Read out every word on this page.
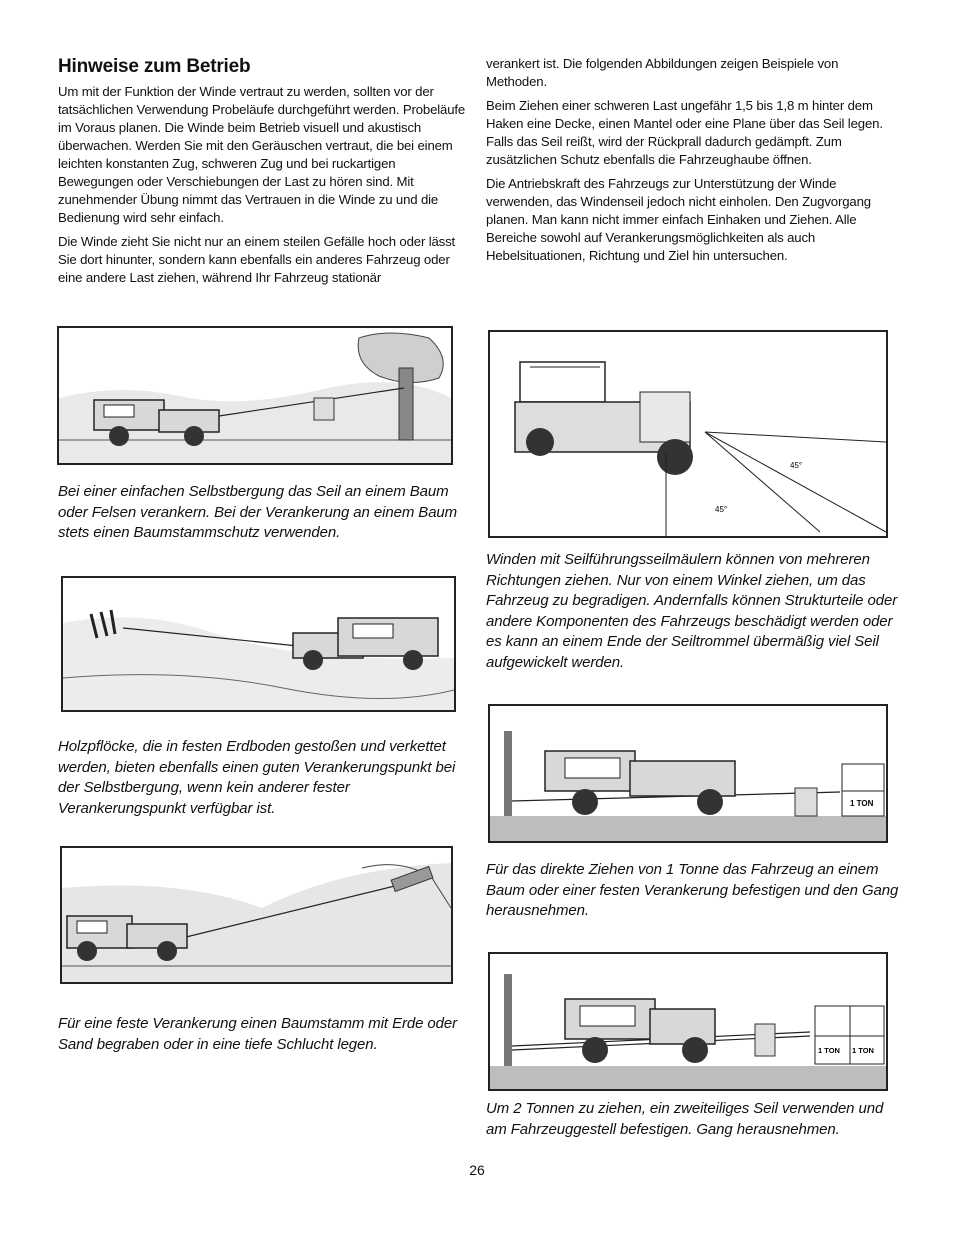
Hinweise zum Betrieb

Um mit der Funktion der Winde vertraut zu werden, sollten vor der tatsächlichen Verwendung Probeläufe durchgeführt werden. Probeläufe im Voraus planen. Die Winde beim Betrieb visuell und akustisch überwachen. Werden Sie mit den Geräuschen vertraut, die bei einem leichten konstanten Zug, schweren Zug und bei ruckartigen Bewegungen oder Verschiebungen der Last zu hören sind. Mit zunehmender Übung nimmt das Vertrauen in die Winde zu und die Bedienung wird sehr einfach.

Die Winde zieht Sie nicht nur an einem steilen Gefälle hoch oder lässt Sie dort hinunter, sondern kann ebenfalls ein anderes Fahrzeug oder eine andere Last ziehen, während Ihr Fahrzeug stationär

verankert ist. Die folgenden Abbildungen zeigen Beispiele von Methoden.

Beim Ziehen einer schweren Last ungefähr 1,5 bis 1,8 m hinter dem Haken eine Decke, einen Mantel oder eine Plane über das Seil legen. Falls das Seil reißt, wird der Rückprall dadurch gedämpft. Zum zusätzlichen Schutz ebenfalls die Fahrzeughaube öffnen.

Die Antriebskraft des Fahrzeugs zur Unterstützung der Winde verwenden, das Windenseil jedoch nicht einholen. Den Zugvorgang planen. Man kann nicht immer einfach Einhaken und Ziehen. Alle Bereiche sowohl auf Verankerungsmöglichkeiten als auch Hebelsituationen, Richtung und Ziel hin untersuchen.

Bei einer einfachen Selbstbergung das Seil an einem Baum oder Felsen verankern. Bei der Verankerung an einem Baum stets einen Baumstammschutz verwenden.
Holzpflöcke, die in festen Erdboden gestoßen und verkettet werden, bieten ebenfalls einen guten Verankerungspunkt bei der Selbstbergung, wenn kein anderer fester Verankerungspunkt verfügbar ist.
Für eine feste Verankerung einen Baumstamm mit Erde oder Sand begraben oder in eine tiefe Schlucht legen.
45°
45°
Winden mit Seilführungsseilmäulern können von mehreren Richtungen ziehen. Nur von einem Winkel ziehen, um das Fahrzeug zu begradigen. Andernfalls können Strukturteile oder andere Komponenten des Fahrzeugs beschädigt werden oder es kann an einem Ende der Seiltrommel übermäßig viel Seil aufgewickelt werden.
1 TON
Für das direkte Ziehen von 1 Tonne das Fahrzeug an einem Baum oder einer festen Verankerung befestigen und den Gang herausnehmen.
1 TON 1 TON
Um 2 Tonnen zu ziehen, ein zweiteiliges Seil verwenden und am Fahrzeuggestell befestigen. Gang herausnehmen.
26
